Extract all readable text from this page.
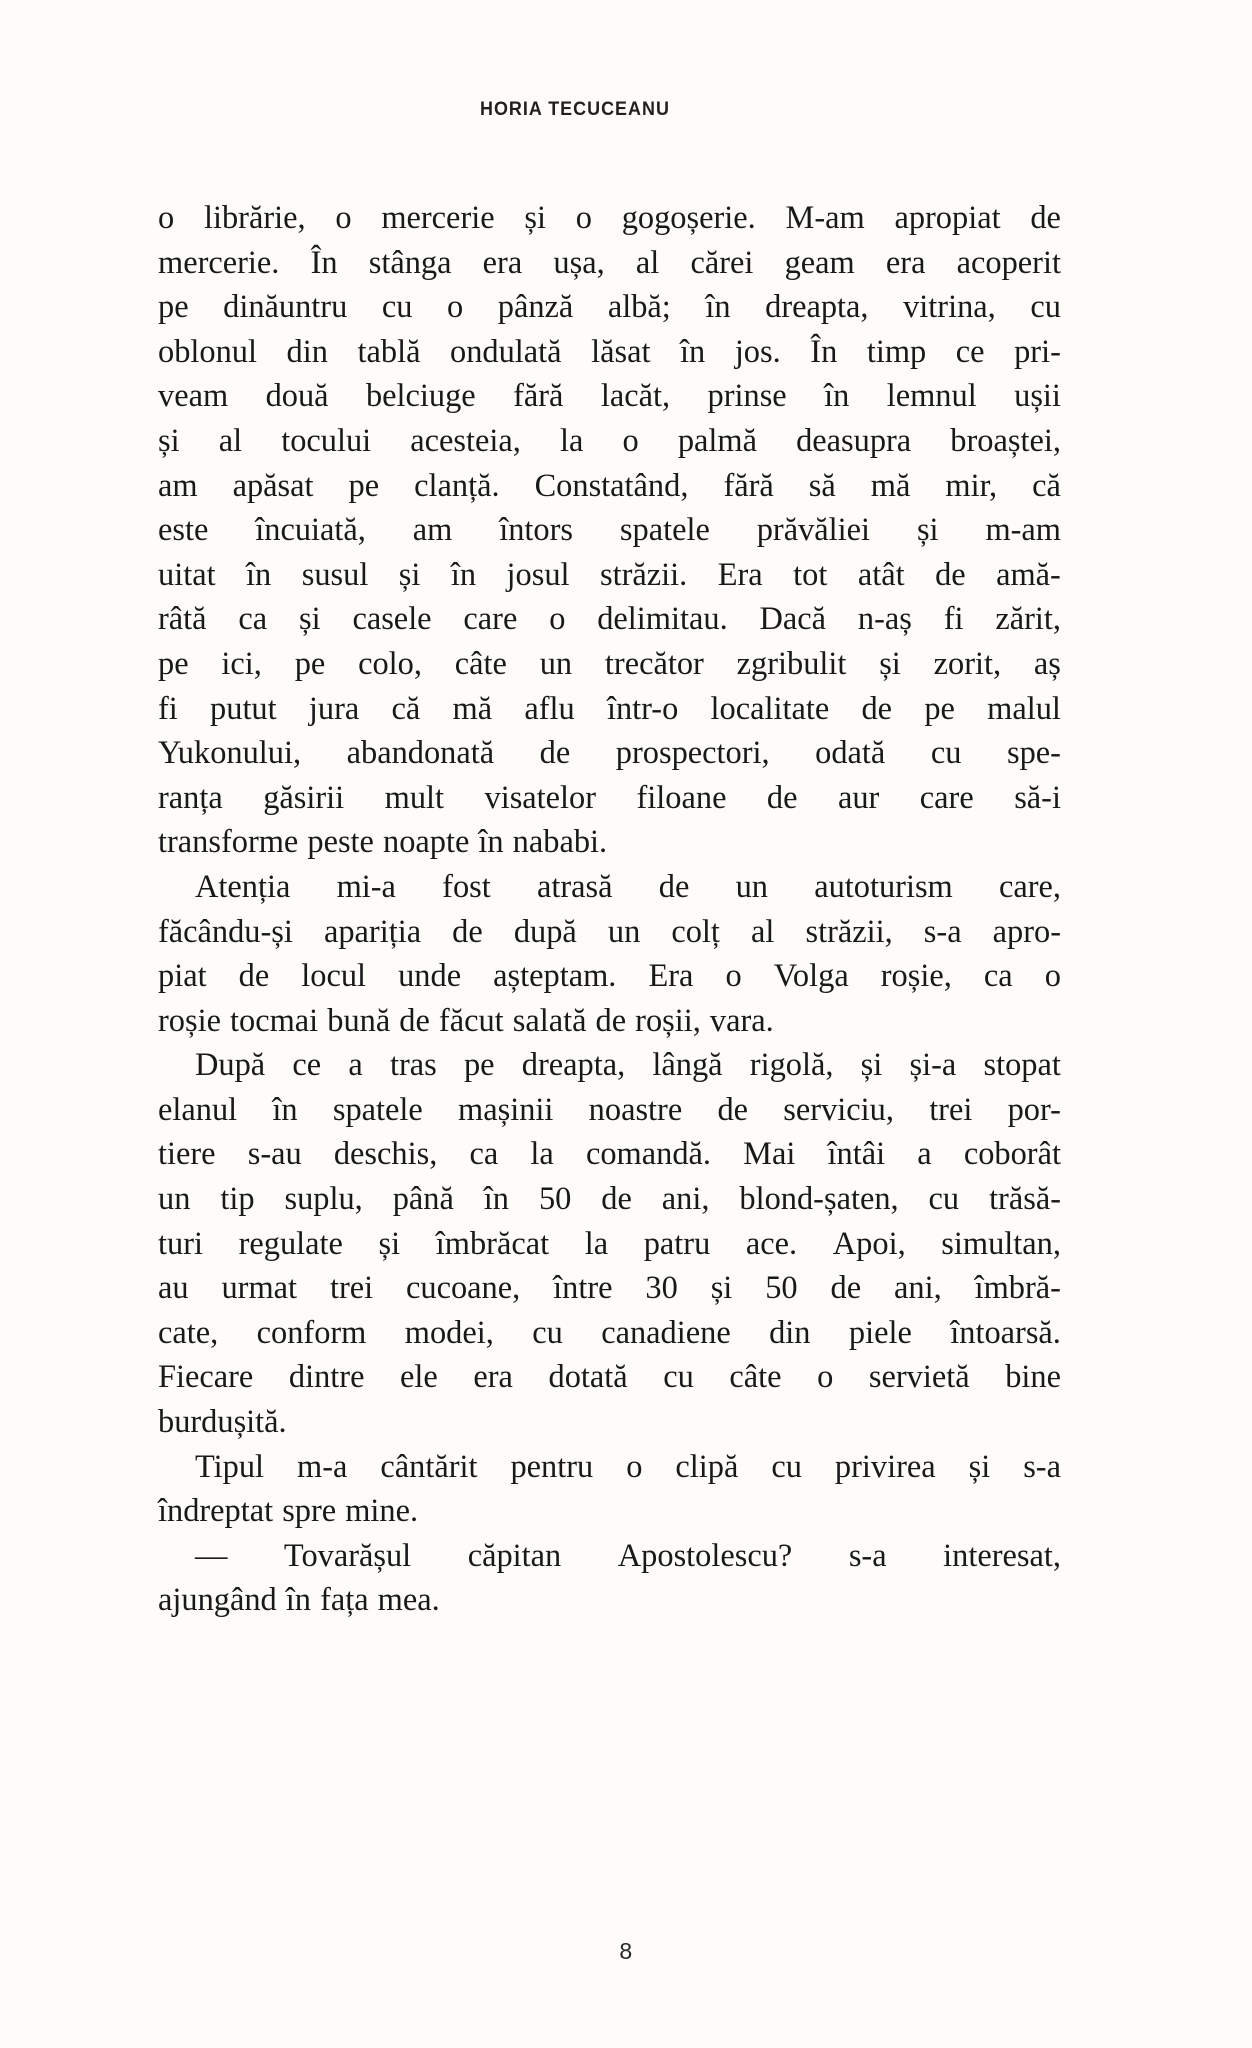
HORIA TECUCEANU
o librărie, o mercerie și o gogoșerie. M-am apropiat de
mercerie. În stânga era ușa, al cărei geam era acoperit
pe dinăuntru cu o pânză albă; în dreapta, vitrina, cu
oblonul din tablă ondulată lăsat în jos. În timp ce pri-
veam două belciuge fără lacăt, prinse în lemnul ușii
și al tocului acesteia, la o palmă deasupra broaștei,
am apăsat pe clanță. Constatând, fără să mă mir, că
este încuiată, am întors spatele prăvăliei și m-am
uitat în susul și în josul străzii. Era tot atât de amă-
râtă ca și casele care o delimitau. Dacă n-aș fi zărit,
pe ici, pe colo, câte un trecător zgribulit și zorit, aș
fi putut jura că mă aflu într-o localitate de pe malul
Yukonului, abandonată de prospectori, odată cu spe-
ranța găsirii mult visatelor filoane de aur care să-i
transforme peste noapte în nababi.
Atenția mi-a fost atrasă de un autoturism care,
făcându-și apariția de după un colț al străzii, s-a apro-
piat de locul unde așteptam. Era o Volga roșie, ca o
roșie tocmai bună de făcut salată de roșii, vara.
După ce a tras pe dreapta, lângă rigolă, și și-a stopat
elanul în spatele mașinii noastre de serviciu, trei por-
tiere s-au deschis, ca la comandă. Mai întâi a coborât
un tip suplu, până în 50 de ani, blond-șaten, cu trăsă-
turi regulate și îmbrăcat la patru ace. Apoi, simultan,
au urmat trei cucoane, între 30 și 50 de ani, îmbră-
cate, conform modei, cu canadiene din piele întoarsă.
Fiecare dintre ele era dotată cu câte o servietă bine
burdușită.
Tipul m-a cântărit pentru o clipă cu privirea și s-a
îndreptat spre mine.
— Tovarășul căpitan Apostolescu? s-a interesat,
ajungând în fața mea.
8
